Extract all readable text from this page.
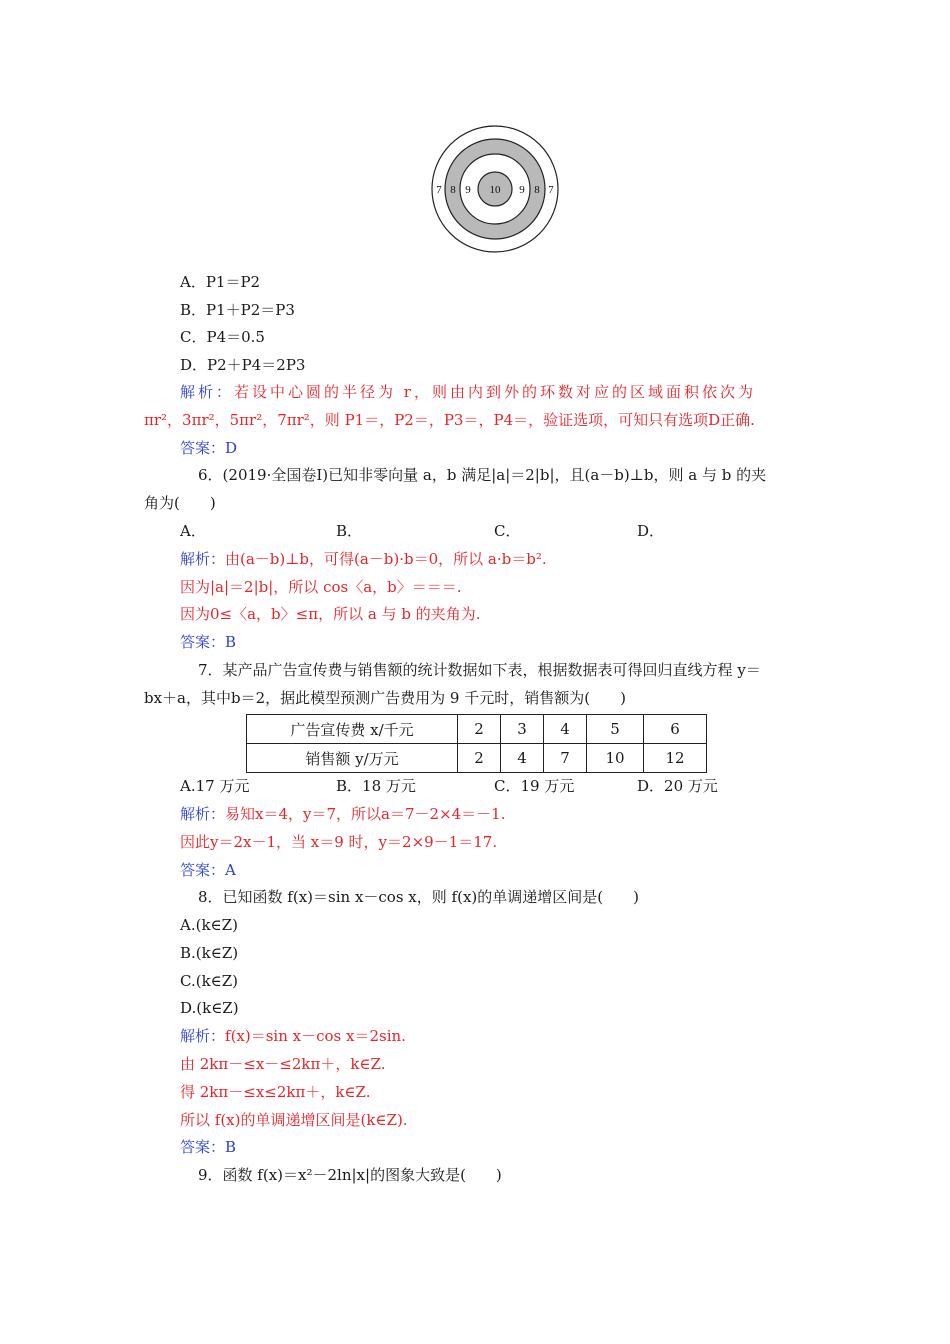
7 8 9 10 9 8 7
A．P1＝P2
B．P1＋P2＝P3
C．P4＝0.5
D．P2＋P4＝2P3
解析：若设中心圆的半径为 r，则由内到外的环数对应的区域面积依次为
πr²，3πr²，5πr²，7πr²，则 P1＝，P2＝，P3＝，P4＝，验证选项，可知只有选项D正确.
答案：D
6．(2019·全国卷Ⅰ)已知非零向量 a，b 满足|a|＝2|b|，且(a－b)⊥b，则 a 与 b 的夹
角为(　　)
A．	B．	C．	D．
解析：由(a－b)⊥b，可得(a－b)·b＝0，所以 a·b＝b².
因为|a|＝2|b|，所以 cos〈a，b〉＝＝＝.
因为0≤〈a，b〉≤π，所以 a 与 b 的夹角为.
答案：B
7．某产品广告宣传费与销售额的统计数据如下表，根据数据表可得回归直线方程 y＝
bx＋a，其中b＝2，据此模型预测广告费用为 9 千元时，销售额为(　　)
广告宣传费 x/千元	2	3	4	5	6
销售额 y/万元	2	4	7	10	12
A.17 万元	B．18 万元	C．19 万元	D．20 万元
解析：易知x＝4，y＝7，所以a＝7－2×4＝－1.
因此y＝2x－1，当 x＝9 时，y＝2×9－1＝17.
答案：A
8．已知函数 f(x)＝sin x－cos x，则 f(x)的单调递增区间是(　　)
A.(k∈Z)
B.(k∈Z)
C.(k∈Z)
D.(k∈Z)
解析：f(x)＝sin x－cos x＝2sin.
由 2kπ－≤x－≤2kπ＋，k∈Z.
得 2kπ－≤x≤2kπ＋，k∈Z.
所以 f(x)的单调递增区间是(k∈Z).
答案：B
9．函数 f(x)＝x²－2ln|x|的图象大致是(　　)
